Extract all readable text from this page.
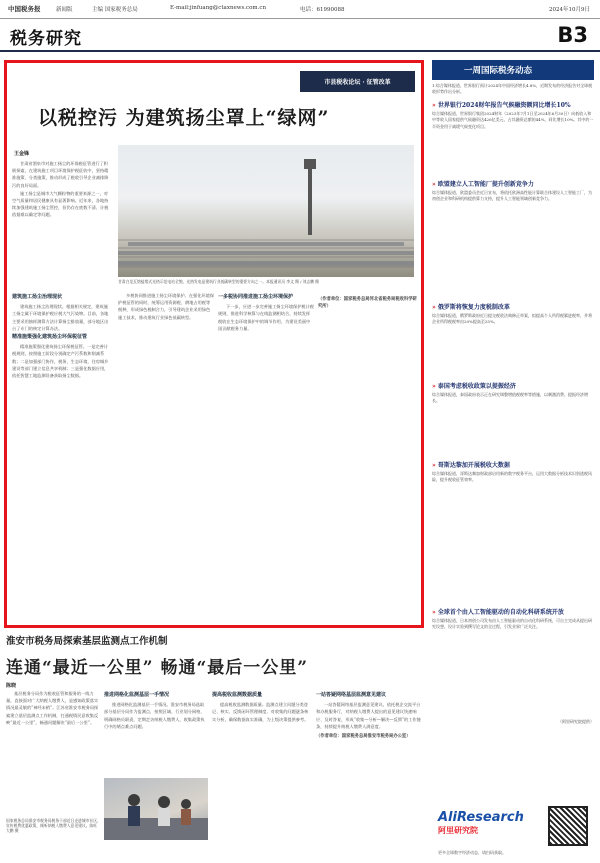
中国税务报	新闻版	主编 国家税务总局	E-mail:jinfuang@ctaxnews.com.cn	电话：61990088	2024年10月9日
税务研究	B3
市县税收论坛 · 征管改革
以税控污 为建筑扬尘罩上“绿网”
王金锋
甘肃白龙瓦熔盐塔式光热示范电站全貌。光热发电是建筑行业低碳转型的重要方向之一。本报通讯员 李文 摄 / 刘志鹏 摄

甘肃省酒泉市对施工扬尘的环保税征管进行了积极探索，在建筑施工项目环境保护税征收中，坚持精准施策、分类施策，推动形成了税收引导企业减排降污的良好局面。

施工扬尘是城市大气颗粒物的重要来源之一，对空气质量和居民健康具有显著影响。近年来，各地持续加强建筑施工扬尘管控，但仍存在底数不清、计税依据难以确定等问题。

建筑施工扬尘治理现状

建筑施工扬尘治理现状。根据相关规定，建筑施工扬尘属于环境保护税应税大气污染物。目前，各地主要采用抽样测算方法计算扬尘排放量，部分地区出台了专门的核定计算办法。

精准施策强化建筑扬尘环保税征管

精准施策强化建筑扬尘环保税征管。一是完善计税规则，按照施工阶段分别确定产污系数和削减系数；二是加强部门协作，税务、生态环境、住房城乡建设等部门建立信息共享机制；三是强化数据应用，依托智慧工地监测设备获取扬尘数据。

多税协同推进施工扬尘环境保护。在强化环境保护税征管的同时，统筹运用资源税、耕地占用税等税种，形成绿色税制合力，引导建筑企业采用绿色施工技术，推动建筑行业绿色低碳转型。

一多税协同推进施工扬尘环境保护

下一步，应进一步完善施工扬尘环境保护税计税规则，推进科学核算与在线监测相结合，持续发挥税收在生态环境保护中的调节作用，为建设美丽中国贡献税务力量。

（作者单位：国家税务总局河北省税务局税收科学研究所）
一周国际税务动态
1.综合媒体报道，世界银行预计2024年中国经济增长4.8%，近期发布的经济报告对全球税收形势作出分析。
» 世界银行2024财年报告气候融资额同比增长10%
综合媒体报道，世界银行集团2024财年（2023年7月1日至2024年6月30日）向低收入和中等收入国家提供气候融资达426亿美元，占其融资总额的44%，同比增长10%。其中约一半资金用于减缓气候变化项目。
» 欧盟建立人工智能厂提升创新竞争力
综合媒体报道，欧盟委员会近日宣布，将依托欧洲高性能计算联合体建设人工智能工厂，为初创企业和科研机构提供算力支持，提升人工智能领域创新竞争力。
» 俄罗斯将恢复力度税制改革
综合媒体报道，俄罗斯政府近日提交税收法典修正草案，拟提高个人所得税累进税率，并将企业所得税税率由20%提高至25%。
» 泰国考虑税收政策以提振经济
综合媒体报道，泰国政府表示正在研究调整增值税税率等措施，以刺激消费、提振经济增长。
» 哥斯达黎加开展税收大数据
综合媒体报道，哥斯达黎加财政部启用新的数字税务平台，运用大数据分析技术识别逃税风险，提升税收征管效率。
» 全球首个由人工智能驱动的自动化科研系统开放
综合媒体报道，日本初创公司发布由人工智能驱动的自动化科研系统，可自主完成从提出研究设想、设计实验到撰写论文的全过程，引发业界广泛关注。
（阿里研究院提供）
AliResearch
阿里研究院
更多全球数字经济动态，请扫码获取。
淮安市税务局探索基层监测点工作机制
连通“最近一公里” 畅通“最后一公里”
陈晓

基层税务分局作为税收征管和服务的一线力量，直接面对广大纳税人缴费人，是感知政策落实情况最灵敏的“神经末梢”。江苏省淮安市税务局探索建立基层监测点工作机制，打通税情民意收集反映“最近一公里”，畅通问题解决“最后一公里”。

推进网格化监测基层一手情况

推进网格化监测基层一手情况。淮安市税务局选取部分基层分局作为监测点，按照区域、行业划分网格，明确网格员职责，定期走访纳税人缴费人，收集政策执行中的堵点难点问题。

提高税收监测数据质量

提高税收监测数据质量。监测点建立问题分类登记、核实、反馈闭环管理制度，对收集的问题逐条核实分析，确保数据真实准确，为上级决策提供参考。

一站答疑网络基层监测意见建议

一站答疑网络基层监测意见建议。依托税企交流平台和办税服务厅，对纳税人缴费人提出的意见建议快速响应、及时答复，形成“收集—分析—解决—反馈”的工作链条，持续提升纳税人缴费人满意度。

（作者单位：国家税务总局淮安市税务局办公室）
国家税务总局淮安市税务局税务干部近日走进城市社区，宣传税费优惠政策，倾听纳税人缴费人意见建议。陈旺 大鹏 摄
